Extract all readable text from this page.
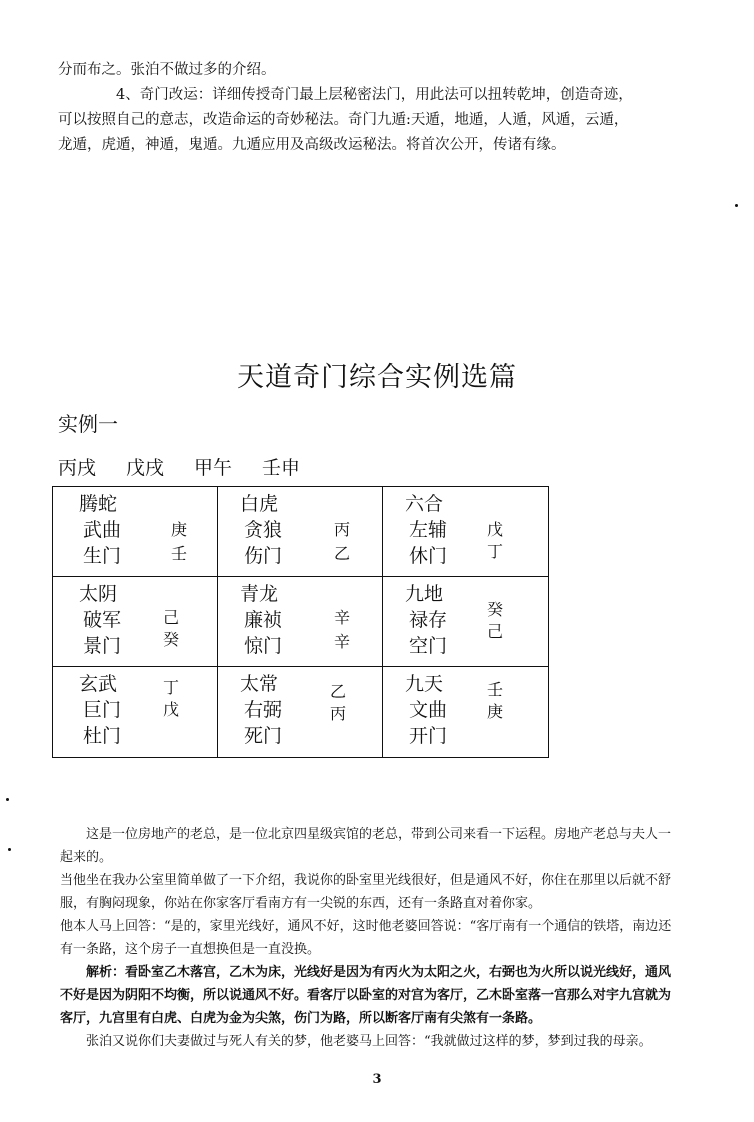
分而布之。张泊不做过多的介绍。
4、奇门改运：详细传授奇门最上层秘密法门，用此法可以扭转乾坤，创造奇迹，
可以按照自己的意志，改造命运的奇妙秘法。奇门九遁:天遁，地遁，人遁，风遁，云遁，
龙遁，虎遁，神遁，鬼遁。九遁应用及高级改运秘法。将首次公开，传诸有缘。
天道奇门综合实例选篇
实例一
丙戌 戊戌 甲午 壬申
腾蛇
武曲
生门
庚
壬
白虎
贪狼
伤门
丙
乙
六合
左辅
休门
戊
丁
太阴
破军
景门
己
癸
青龙
廉祯
惊门
辛
辛
九地
禄存
空门
癸
己
玄武
巨门
杜门
丁
戊
太常
右弼
死门
乙
丙
九天
文曲
开门
壬
庚

这是一位房地产的老总，是一位北京四星级宾馆的老总，带到公司来看一下运程。房地产老总与夫人一起来的。

当他坐在我办公室里简单做了一下介绍，我说你的卧室里光线很好，但是通风不好，你住在那里以后就不舒服，有胸闷现象，你站在你家客厅看南方有一尖锐的东西，还有一条路直对着你家。

他本人马上回答：“是的，家里光线好，通风不好，这时他老婆回答说：“客厅南有一个通信的铁塔，南边还有一条路，这个房子一直想换但是一直没换。

解析：看卧室乙木落宫，乙木为床，光线好是因为有丙火为太阳之火，右弼也为火所以说光线好，通风不好是因为阴阳不均衡，所以说通风不好。看客厅以卧室的对宫为客厅，乙木卧室落一宫那么对宇九宫就为客厅，九宫里有白虎、白虎为金为尖煞，伤门为路，所以断客厅南有尖煞有一条路。

张泊又说你们夫妻做过与死人有关的梦，他老婆马上回答：“我就做过这样的梦，梦到过我的母亲。

3
